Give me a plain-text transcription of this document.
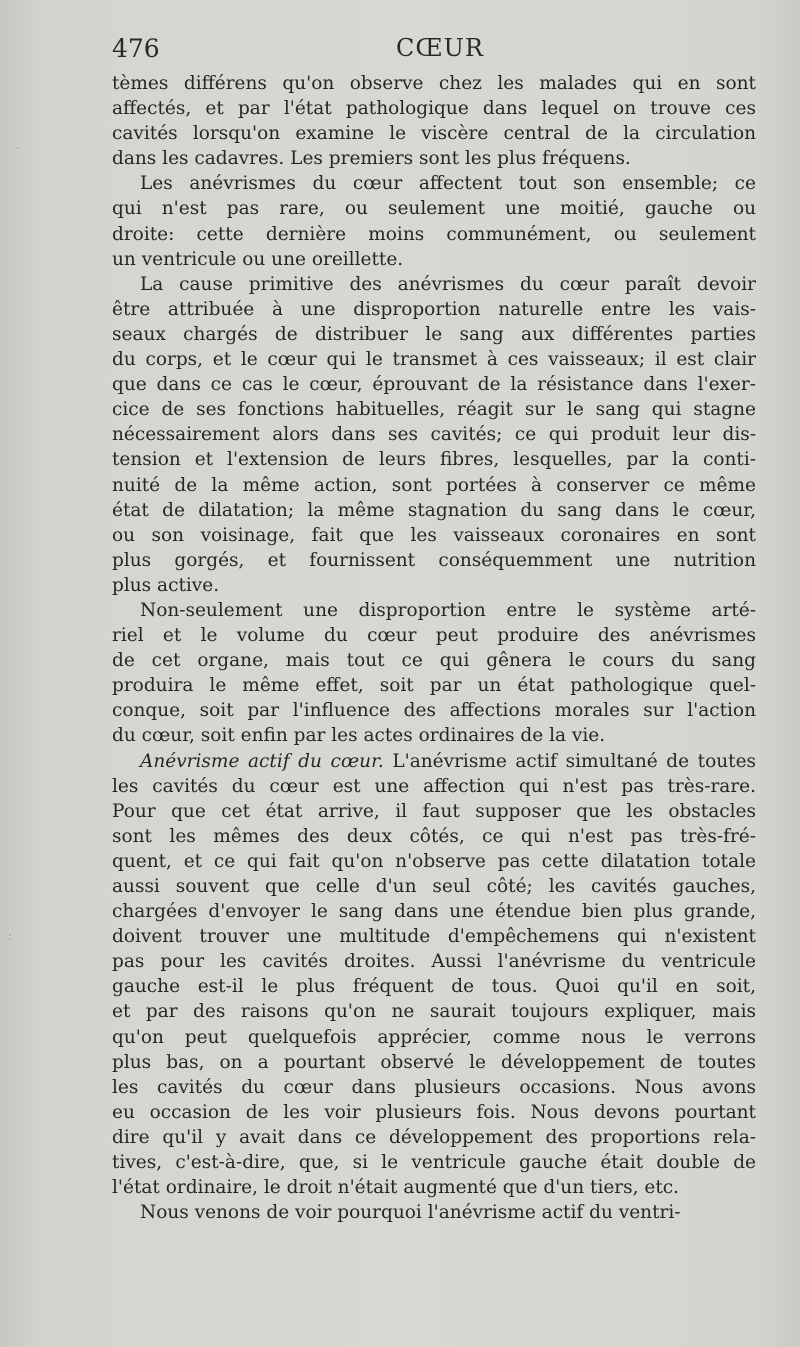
476	CŒUR
tèmes différens qu'on observe chez les malades qui en sont
affectés, et par l'état pathologique dans lequel on trouve ces
cavités lorsqu'on examine le viscère central de la circulation
dans les cadavres. Les premiers sont les plus fréquens.
Les anévrismes du cœur affectent tout son ensemble; ce
qui n'est pas rare, ou seulement une moitié, gauche ou
droite: cette dernière moins communément, ou seulement
un ventricule ou une oreillette.
La cause primitive des anévrismes du cœur paraît devoir
être attribuée à une disproportion naturelle entre les vais-
seaux chargés de distribuer le sang aux différentes parties
du corps, et le cœur qui le transmet à ces vaisseaux; il est clair
que dans ce cas le cœur, éprouvant de la résistance dans l'exer-
cice de ses fonctions habituelles, réagit sur le sang qui stagne
nécessairement alors dans ses cavités; ce qui produit leur dis-
tension et l'extension de leurs fibres, lesquelles, par la conti-
nuité de la même action, sont portées à conserver ce même
état de dilatation; la même stagnation du sang dans le cœur,
ou son voisinage, fait que les vaisseaux coronaires en sont
plus gorgés, et fournissent conséquemment une nutrition
plus active.
Non-seulement une disproportion entre le système arté-
riel et le volume du cœur peut produire des anévrismes
de cet organe, mais tout ce qui gênera le cours du sang
produira le même effet, soit par un état pathologique quel-
conque, soit par l'influence des affections morales sur l'action
du cœur, soit enfin par les actes ordinaires de la vie.
Anévrisme actif du cœur. L'anévrisme actif simultané de toutes
les cavités du cœur est une affection qui n'est pas très-rare.
Pour que cet état arrive, il faut supposer que les obstacles
sont les mêmes des deux côtés, ce qui n'est pas très-fré-
quent, et ce qui fait qu'on n'observe pas cette dilatation totale
aussi souvent que celle d'un seul côté; les cavités gauches,
chargées d'envoyer le sang dans une étendue bien plus grande,
doivent trouver une multitude d'empêchemens qui n'existent
pas pour les cavités droites. Aussi l'anévrisme du ventricule
gauche est-il le plus fréquent de tous. Quoi qu'il en soit,
et par des raisons qu'on ne saurait toujours expliquer, mais
qu'on peut quelquefois apprécier, comme nous le verrons
plus bas, on a pourtant observé le développement de toutes
les cavités du cœur dans plusieurs occasions. Nous avons
eu occasion de les voir plusieurs fois. Nous devons pourtant
dire qu'il y avait dans ce développement des proportions rela-
tives, c'est-à-dire, que, si le ventricule gauche était double de
l'état ordinaire, le droit n'était augmenté que d'un tiers, etc.
Nous venons de voir pourquoi l'anévrisme actif du ventri-
·
:
